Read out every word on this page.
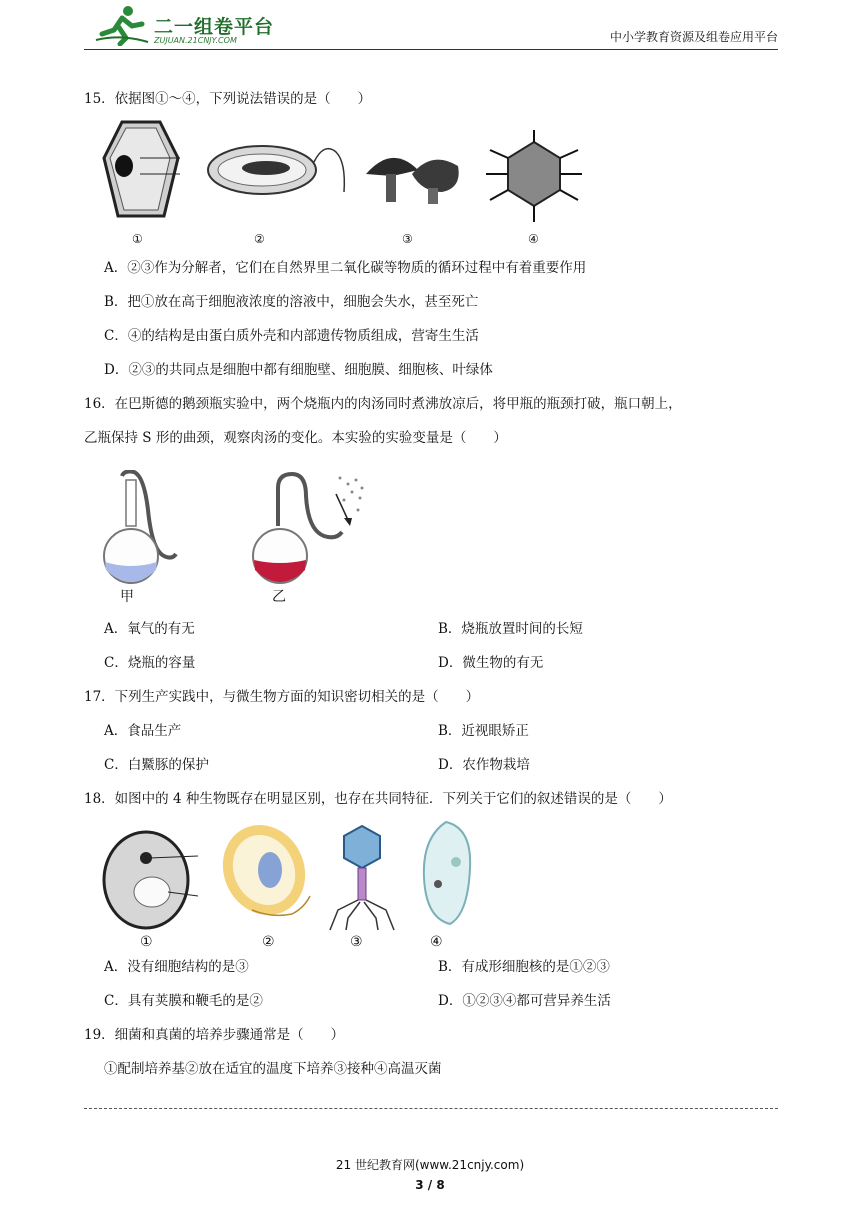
二一组卷平台
ZUJUAN.21CNJY.COM	中小学教育资源及组卷应用平台
15．依据图①～④，下列说法错误的是（　　）
①	②	③	④
A．②③作为分解者，它们在自然界里二氧化碳等物质的循环过程中有着重要作用
B．把①放在高于细胞液浓度的溶液中，细胞会失水，甚至死亡
C．④的结构是由蛋白质外壳和内部遗传物质组成，营寄生生活
D．②③的共同点是细胞中都有细胞壁、细胞膜、细胞核、叶绿体
16．在巴斯德的鹅颈瓶实验中，两个烧瓶内的肉汤同时煮沸放凉后，将甲瓶的瓶颈打破，瓶口朝上，
乙瓶保持 S 形的曲颈，观察肉汤的变化。本实验的实验变量是（　　）
甲	乙
A．氧气的有无	B．烧瓶放置时间的长短
C．烧瓶的容量	D．微生物的有无
17．下列生产实践中，与微生物方面的知识密切相关的是（　　）
A．食品生产	B．近视眼矫正
C．白鱀豚的保护	D．农作物栽培
18．如图中的 4 种生物既存在明显区别，也存在共同特征．下列关于它们的叙述错误的是（　　）
①	②	③	④
A．没有细胞结构的是③	B．有成形细胞核的是①②③
C．具有荚膜和鞭毛的是②	D．①②③④都可营异养生活
19．细菌和真菌的培养步骤通常是（　　）
①配制培养基②放在适宜的温度下培养③接种④高温灭菌
21 世纪教育网(www.21cnjy.com)
3 / 8
